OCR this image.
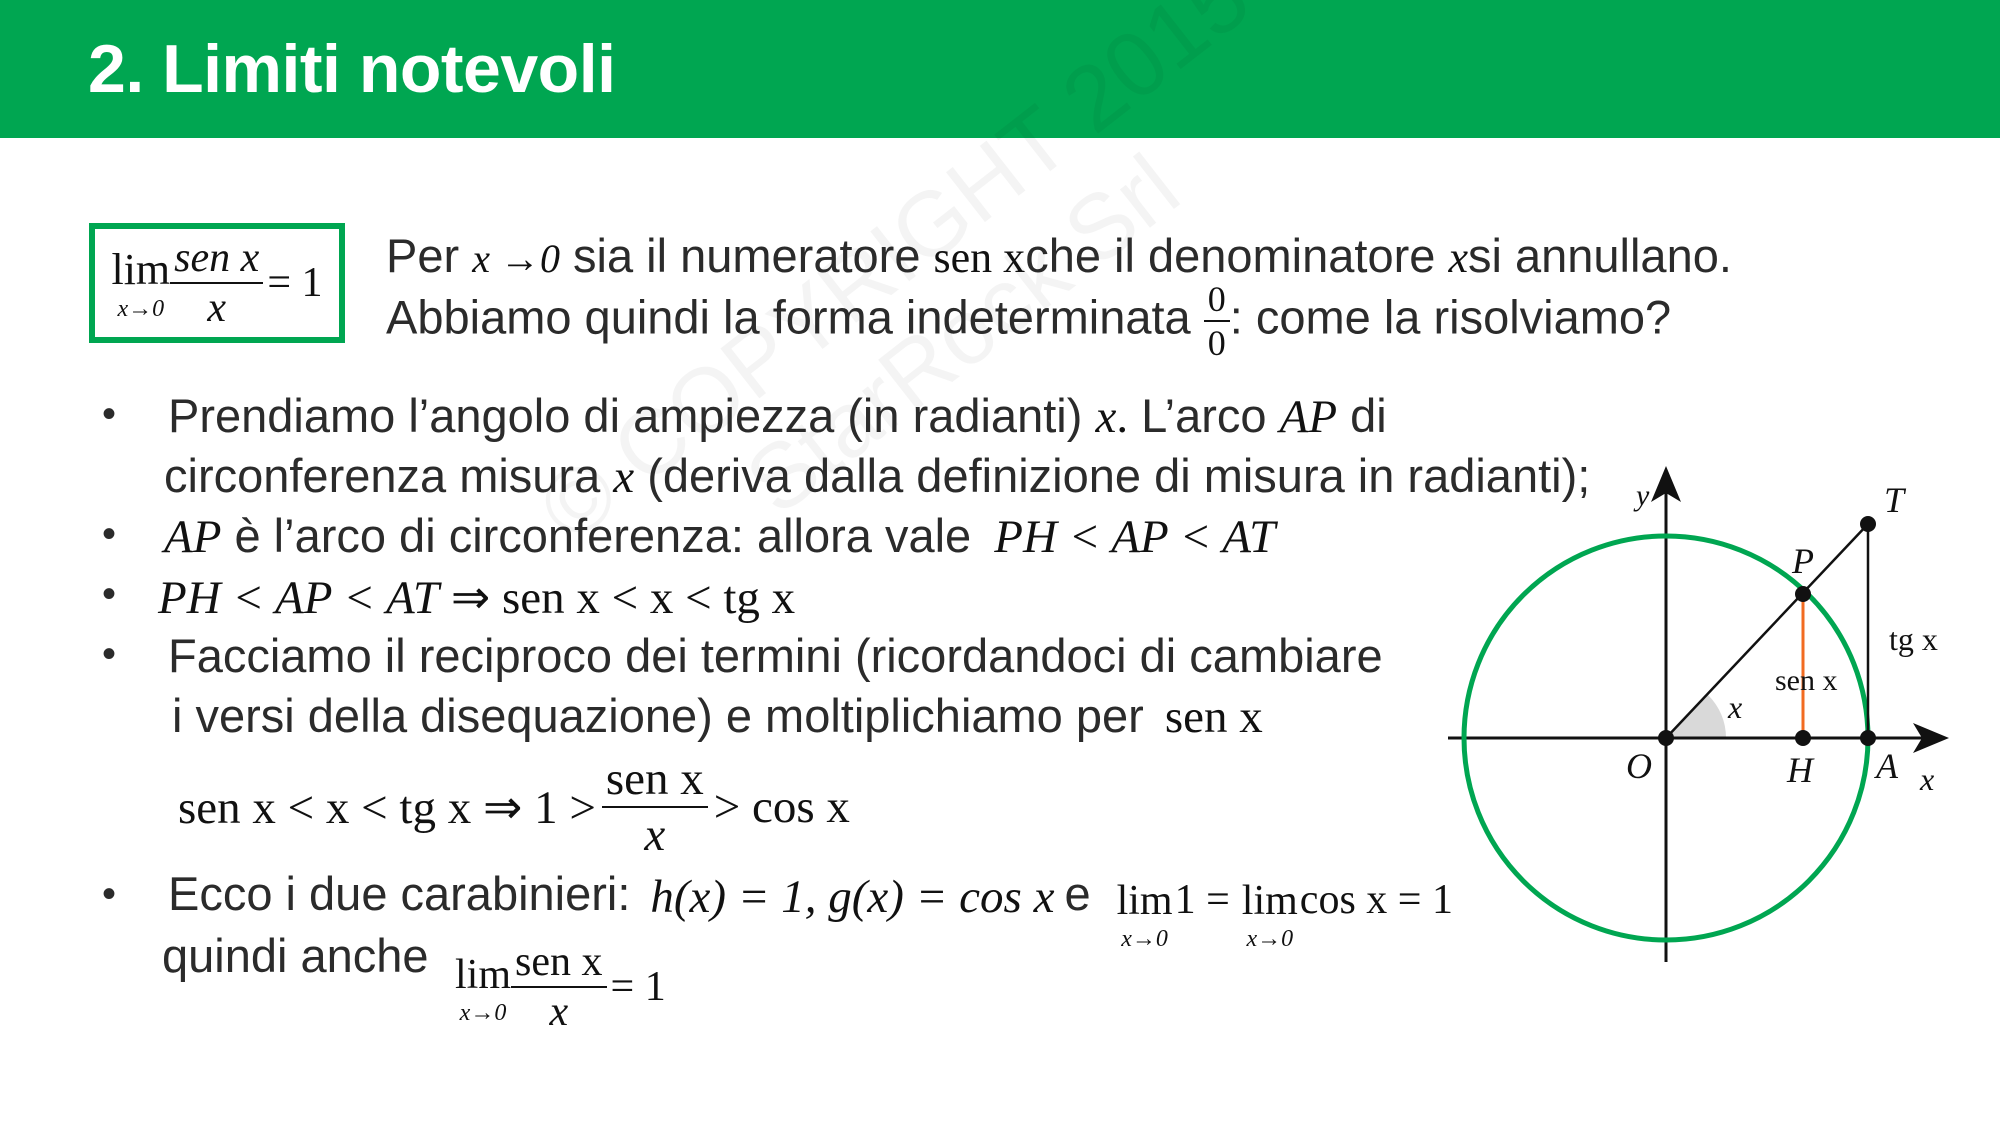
2. Limiti notevoli
lim
$x\to 0 \frac{\text{sen x}}{x} = 1$
Per x →0 sia il numeratore sen xche il denominatore xsi annullano.
Abbiamo quindi la forma indeterminata $\frac{0}{0}$ : come la risolviamo?
• Prendiamo l’angolo di ampiezza (in radianti) x. L’arco AP di
circonferenza misura x (deriva dalla definizione di misura in radianti);
• AP è l’arco di circonferenza: allora vale PH < AP < AT
• PH < AP < AT ⇒ sen x < x < tg x
• Facciamo il reciproco dei termini (ricordandoci di cambiare
i versi della disequazione) e moltiplichiamo per sen x
sen x < x < tg x ⇒ $1 > \frac{\text{sen x}}{x} > \cos x$
• Ecco i due carabinieri: h(x) = 1, g(x) = cos x e lim
x→0
1 = lim
x→0
cos x = 1
quindi anche lim
$x\to 0 \frac{\text{sen x}}{x} = 1$
y
x
T
P
O	H A
x
sen x
tg x
